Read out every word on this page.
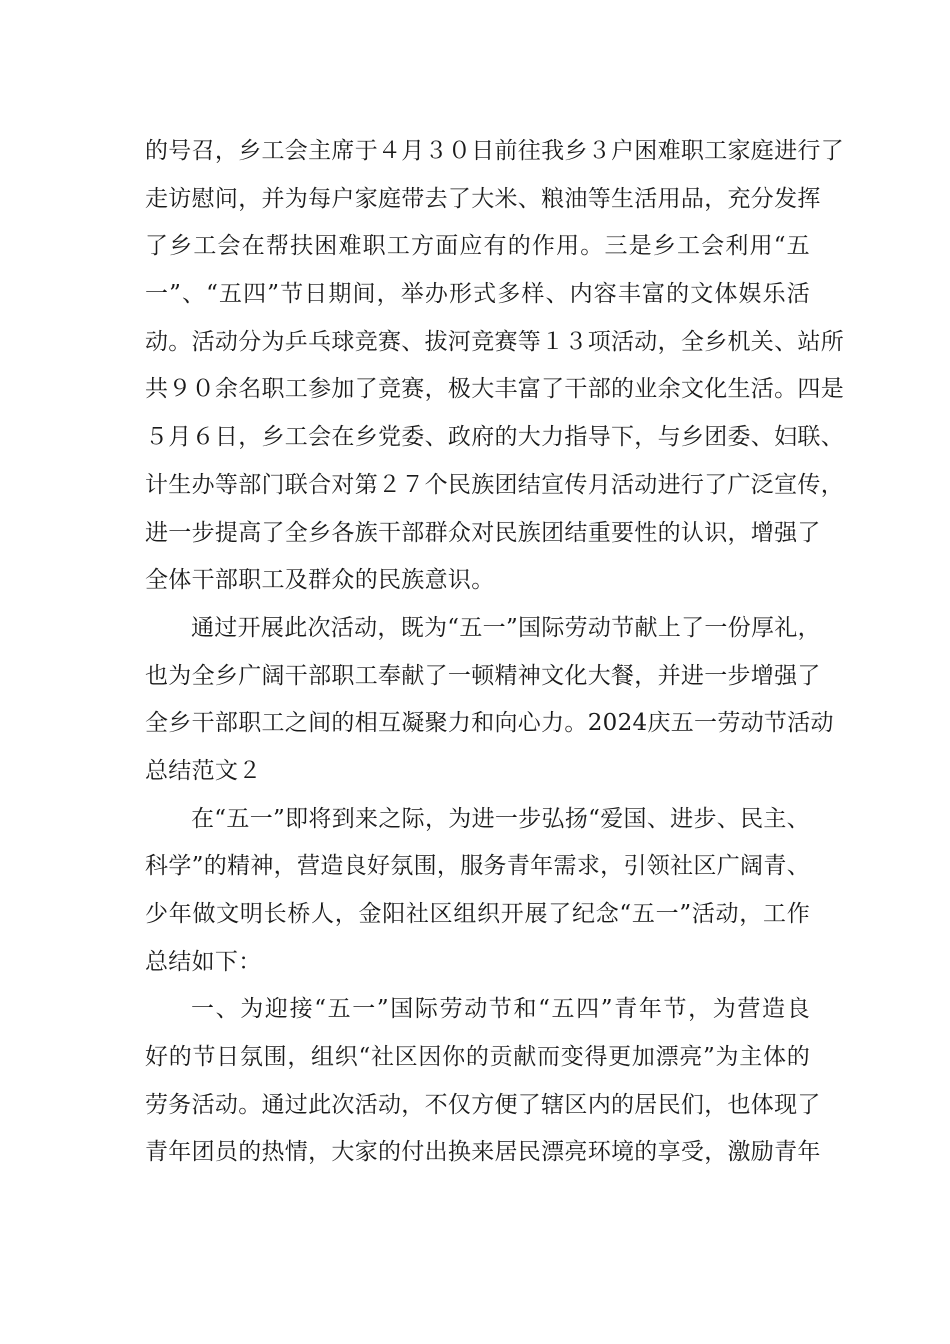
的号召，乡工会主席于４月３０日前往我乡３户困难职工家庭进行了
走访慰问，并为每户家庭带去了大米、粮油等生活用品，充分发挥
了乡工会在帮扶困难职工方面应有的作用。三是乡工会利用“五
一”、“五四”节日期间，举办形式多样、内容丰富的文体娱乐活
动。活动分为乒乓球竞赛、拔河竞赛等１３项活动，全乡机关、站所
共９０余名职工参加了竞赛，极大丰富了干部的业余文化生活。四是
５月６日，乡工会在乡党委、政府的大力指导下，与乡团委、妇联、
计生办等部门联合对第２７个民族团结宣传月活动进行了广泛宣传，
进一步提高了全乡各族干部群众对民族团结重要性的认识，增强了
全体干部职工及群众的民族意识。
通过开展此次活动，既为“五一”国际劳动节献上了一份厚礼，
也为全乡广阔干部职工奉献了一顿精神文化大餐，并进一步增强了
全乡干部职工之间的相互凝聚力和向心力。2024庆五一劳动节活动
总结范文２
在“五一”即将到来之际，为进一步弘扬“爱国、进步、民主、
科学”的精神，营造良好氛围，服务青年需求，引领社区广阔青、
少年做文明长桥人，金阳社区组织开展了纪念“五一”活动，工作
总结如下：
一、为迎接“五一”国际劳动节和“五四”青年节，为营造良
好的节日氛围，组织“社区因你的贡献而变得更加漂亮”为主体的
劳务活动。通过此次活动，不仅方便了辖区内的居民们，也体现了
青年团员的热情，大家的付出换来居民漂亮环境的享受，激励青年
